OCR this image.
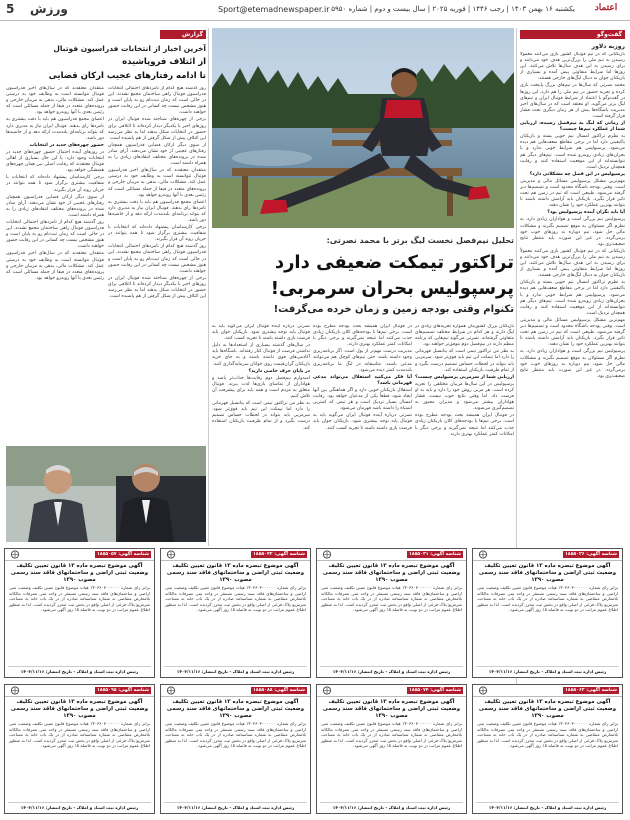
5 ورزش	Sport@etemadnewspaper.ir یکشنبه ۱۶ بهمن ۱۴۰۳ | رجب ۱۴۴۶ | فوریه ۲۰۲۵ | سال بیست و دوم | شماره ۵۹۵۰	اعتماد
گفت‌وگو
روزبه دلاور

بازیکنانی که در تیم فوتبال کشور بازی می‌کنند معمولاً رسیدن به تیم ملی را بزرگ‌ترین هدف خود می‌دانند و برای رسیدن به این هدف سال‌ها تلاش می‌کنند. این روزها اما شرایط متفاوتی پیش آمده و بسیاری از بازیکنان جوان به دنبال لیگ‌های خارجی هستند.

محمد نصرتی که سال‌ها در تیم‌های بزرگ پایتخت بازی کرده و تجربه حضور در تیم ملی را هم دارد، این روزها در گفت‌وگو با اعتماد از شرایط فوتبال ایران و تیم‌های لیگ برتر می‌گوید. او معتقد است که در سال‌های اخیر مدیریت باشگاه‌ها بیش از هر زمان دیگری تحت فشار قرار گرفته است.

از زمانی که لیگ به نیم‌فصل رسیده، ارزیابی شما از عملکرد تیم‌ها چیست؟

به نظرم تراکتور امسال تیم خوبی بسته و بازیکنان باکیفیتی دارد اما در برخی مقاطع ضعف‌هایی هم دیده می‌شود. پرسپولیس هم شرایط خوبی ندارد و با بحران‌های زیادی روبه‌رو شده است. تیم‌های دیگر هم نتوانسته‌اند از این موقعیت استفاده کنند و رقابت همچنان نزدیک است.

پرسپولیس در این فصل چه مشکلاتی دارد؟

مهم‌ترین مشکل پرسپولیس مسائل مالی و مدیریتی است. وقتی بودجه باشگاه محدود است و تصمیم‌ها دیر گرفته می‌شود، طبیعی است که تیم در زمین هم تحت تاثیر قرار بگیرد. بازیکنان باید آرامش داشته باشند تا بتوانند بهترین عملکرد خود را نشان دهند.

آیا باید نگران آینده پرسپولیس بود؟

پرسپولیس تیم بزرگی است و هواداران زیادی دارد. به نظرم اگر مسئولان به موقع تصمیم بگیرند و مشکلات مالی حل شود، تیم دوباره به روزهای خوب خود برمی‌گردد. در غیر این صورت باید منتظر نتایج ضعیف‌تری بود.

بازیکنانی که در تیم فوتبال کشور بازی می‌کنند معمولاً رسیدن به تیم ملی را بزرگ‌ترین هدف خود می‌دانند و برای رسیدن به این هدف سال‌ها تلاش می‌کنند. این روزها اما شرایط متفاوتی پیش آمده و بسیاری از بازیکنان جوان به دنبال لیگ‌های خارجی هستند.

به نظرم تراکتور امسال تیم خوبی بسته و بازیکنان باکیفیتی دارد اما در برخی مقاطع ضعف‌هایی هم دیده می‌شود. پرسپولیس هم شرایط خوبی ندارد و با بحران‌های زیادی روبه‌رو شده است. تیم‌های دیگر هم نتوانسته‌اند از این موقعیت استفاده کنند و رقابت همچنان نزدیک است.

مهم‌ترین مشکل پرسپولیس مسائل مالی و مدیریتی است. وقتی بودجه باشگاه محدود است و تصمیم‌ها دیر گرفته می‌شود، طبیعی است که تیم در زمین هم تحت تاثیر قرار بگیرد. بازیکنان باید آرامش داشته باشند تا بتوانند بهترین عملکرد خود را نشان دهند.

پرسپولیس تیم بزرگی است و هواداران زیادی دارد. به نظرم اگر مسئولان به موقع تصمیم بگیرند و مشکلات مالی حل شود، تیم دوباره به روزهای خوب خود برمی‌گردد. در غیر این صورت باید منتظر نتایج ضعیف‌تری بود.

تحلیل نیم‌فصل نخست لیگ برتر با محمد نصرتی:
تراکتور تیمکت ضعیفی دارد
پرسپولیس بحران سرمربی!
تکنوام وقتی بودجه زمین و زمان خرده می‌گرفت!

بازیکنان بزرگ کشورمان همواره تجربه‌های زیادی در لیگ دارند و هر کدام در شرایط مختلف تصمیم‌های متفاوتی گرفته‌اند. نصرتی می‌گوید تیم‌هایی که برنامه منظم دارند در نیم‌فصل دوم موفق‌تر خواهند بود.

به نظر من تراکتور تیمی است که پتانسیل قهرمانی را دارد اما نیمکت این تیم باید قوی‌تر شود. سرمربی باید بتواند در لحظات حساس تصمیم درست بگیرد و از تمام ظرفیت بازیکنان استفاده کند.

ارزیابی شما از سرمربی پرسپولیس چیست؟

پرسپولیس در این سال‌ها مربیان مختلفی را تجربه کرده است. هر مربی روش خود را دارد و باید به او فرصت داد. اما وقتی نتایج خوب نیست، فشار هواداران بیشتر می‌شود و مدیران مجبور به تصمیم‌گیری می‌شوند.

در فوتبال ایران همیشه بحث بودجه مطرح بوده است. برخی تیم‌ها با بودجه‌های کلان بازیکنان زیادی جذب می‌کنند اما نتیجه نمی‌گیرند و برخی دیگر با امکانات کمتر عملکرد بهتری دارند.

در فوتبال ایران همیشه بحث بودجه مطرح بوده است. برخی تیم‌ها با بودجه‌های کلان بازیکنان زیادی جذب می‌کنند اما نتیجه نمی‌گیرند و برخی دیگر با امکانات کمتر عملکرد بهتری دارند.

مدیریت درست مهم‌تر از پول است. اگر برنامه‌ریزی وجود داشته باشد، حتی تیم‌های کوچک هم می‌توانند مدعی باشند. متاسفانه در لیگ ما برنامه‌ریزی بلندمدت کمتر دیده می‌شود.

آیا فکر می‌کنید استقلال می‌تواند مدعی قهرمانی باشد؟

استقلال بازیکنان خوبی دارد و اگر هماهنگی بین آنها ایجاد شود، قطعاً یکی از مدعیان خواهد بود. رقابت امسال بسیار نزدیک است و هر تیمی که کمترین اشتباه را داشته باشد قهرمان می‌شود.

نصرتی درباره آینده فوتبال ایران می‌گوید باید به فوتبال پایه توجه بیشتری شود. بازیکنان جوان باید فرصت بازی داشته باشند تا تجربه کسب کنند.

نصرتی درباره آینده فوتبال ایران می‌گوید باید به فوتبال پایه توجه بیشتری شود. بازیکنان جوان باید فرصت بازی داشته باشند تا تجربه کسب کنند.

در سال‌های گذشته بسیاری از استعدادها به دلیل نداشتن فرصت از فوتبال کنار رفته‌اند. باشگاه‌ها باید آکادمی‌های قوی داشته باشند و به جای خرید بازیکنان گران‌قیمت روی جوانان سرمایه‌گذاری کنند.

در پایان حرف خاصی دارید؟

امیدوارم نیم‌فصل دوم رقابت‌ها جذاب‌تر باشد و هواداران از تماشای بازی‌ها لذت ببرند. فوتبال متعلق به مردم است و همه باید برای پیشرفت آن تلاش کنیم.

به نظر من تراکتور تیمی است که پتانسیل قهرمانی را دارد اما نیمکت این تیم باید قوی‌تر شود. سرمربی باید بتواند در لحظات حساس تصمیم درست بگیرد و از تمام ظرفیت بازیکنان استفاده کند.

گزارش
آخرین اخبار از انتخابات فدراسیون فوتبال
از ائتلاف فروپاشیده
تا ادامه رفتارهای عجیب ارکان قضایی

روز گذشته هیچ کدام از نامزدهای احتمالی انتخابات فدراسیون فوتبال راهی ساختمان مجمع نشدند. این در حالی است که زمان ثبت‌نام رو به پایان است و هنوز مشخص نیست چه کسانی در این رقابت حضور خواهند داشت.

برخی از چهره‌های شناخته شده فوتبال ایران در روزهای اخیر با یکدیگر دیدار کرده‌اند تا ائتلافی برای حضور در انتخابات شکل بدهند اما به نظر می‌رسد این ائتلاف پیش از شکل گرفتن از هم پاشیده است.

از سوی دیگر ارکان قضایی فدراسیون همچنان رفتارهای عجیبی از خود نشان می‌دهند. آرای صادر شده در پرونده‌های مختلف انتقادهای زیادی را به همراه داشته است.

منتقدان معتقدند که در سال‌های اخیر فدراسیون فوتبال نتوانسته است به وظایف خود به درستی عمل کند. مشکلات مالی، بدهی به مربیان خارجی و پرونده‌های متعدد در فیفا از جمله مسائلی است که رئیس بعدی با آنها روبه‌رو خواهد بود.

اعضای مجمع فدراسیون هم باید با دقت بیشتری به نامزدها رای بدهند. فوتبال ایران نیاز به مدیری دارد که بتواند برنامه‌ای بلندمدت ارائه دهد و از حاشیه‌ها دور باشد.

برخی کارشناسان پیشنهاد داده‌اند که انتخابات با شفافیت بیشتری برگزار شود تا همه بتوانند در جریان روند آن قرار بگیرند.

روز گذشته هیچ کدام از نامزدهای احتمالی انتخابات فدراسیون فوتبال راهی ساختمان مجمع نشدند. این در حالی است که زمان ثبت‌نام رو به پایان است و هنوز مشخص نیست چه کسانی در این رقابت حضور خواهند داشت.

برخی از چهره‌های شناخته شده فوتبال ایران در روزهای اخیر با یکدیگر دیدار کرده‌اند تا ائتلافی برای حضور در انتخابات شکل بدهند اما به نظر می‌رسد این ائتلاف پیش از شکل گرفتن از هم پاشیده است.

منتقدان معتقدند که در سال‌های اخیر فدراسیون فوتبال نتوانسته است به وظایف خود به درستی عمل کند. مشکلات مالی، بدهی به مربیان خارجی و پرونده‌های متعدد در فیفا از جمله مسائلی است که رئیس بعدی با آنها روبه‌رو خواهد بود.

اعضای مجمع فدراسیون هم باید با دقت بیشتری به نامزدها رای بدهند. فوتبال ایران نیاز به مدیری دارد که بتواند برنامه‌ای بلندمدت ارائه دهد و از حاشیه‌ها دور باشد.

حضور چهره‌های جدید در انتخابات

در روزهای آینده احتمال حضور چهره‌های جدید در انتخابات وجود دارد. با این حال بسیاری از اهالی فوتبال معتقدند که رقابت اصلی بین همان چهره‌های همیشگی خواهد بود.

برخی کارشناسان پیشنهاد داده‌اند که انتخابات با شفافیت بیشتری برگزار شود تا همه بتوانند در جریان روند آن قرار بگیرند.

از سوی دیگر ارکان قضایی فدراسیون همچنان رفتارهای عجیبی از خود نشان می‌دهند. آرای صادر شده در پرونده‌های مختلف انتقادهای زیادی را به همراه داشته است.

روز گذشته هیچ کدام از نامزدهای احتمالی انتخابات فدراسیون فوتبال راهی ساختمان مجمع نشدند. این در حالی است که زمان ثبت‌نام رو به پایان است و هنوز مشخص نیست چه کسانی در این رقابت حضور خواهند داشت.

منتقدان معتقدند که در سال‌های اخیر فدراسیون فوتبال نتوانسته است به وظایف خود به درستی عمل کند. مشکلات مالی، بدهی به مربیان خارجی و پرونده‌های متعدد در فیفا از جمله مسائلی است که رئیس بعدی با آنها روبه‌رو خواهد بود.

شناسه آگهی: ۱۸۵۵۰۲۶
آگهی موضوع تبصره ماده ۱۳ قانون تعیین تکلیف وضعیت ثبتی اراضی و ساختمانهای فاقد سند رسمی مصوب ۱۳۹۰
برابر رای شماره ۱۴۰۳۶۰۳۰۰۰۰۰۰ هیات موضوع قانون تعیین تکلیف وضعیت ثبتی اراضی و ساختمان‌های فاقد سند رسمی مستقر در واحد ثبتی تصرفات مالکانه بلامعارض متقاضی به شماره شناسنامه صادره از در یک باب خانه به مساحت مترمربع پلاک فرعی از اصلی واقع در بخش ثبت محرز گردیده است. لذا به منظور اطلاع عموم مراتب در دو نوبت به فاصله ۱۵ روز آگهی می‌شود.
رئیس اداره ثبت اسناد و املاک - تاریخ انتشار: ۱۴۰۳/۱۱/۱۶
شناسه آگهی: ۱۸۵۵۰۳۱
آگهی موضوع تبصره ماده ۱۳ قانون تعیین تکلیف وضعیت ثبتی اراضی و ساختمانهای فاقد سند رسمی مصوب ۱۳۹۰
برابر رای شماره ۱۴۰۳۶۰۳۰۰۰۰۰۰ هیات موضوع قانون تعیین تکلیف وضعیت ثبتی اراضی و ساختمان‌های فاقد سند رسمی مستقر در واحد ثبتی تصرفات مالکانه بلامعارض متقاضی به شماره شناسنامه صادره از در یک باب خانه به مساحت مترمربع پلاک فرعی از اصلی واقع در بخش ثبت محرز گردیده است. لذا به منظور اطلاع عموم مراتب در دو نوبت به فاصله ۱۵ روز آگهی می‌شود.
رئیس اداره ثبت اسناد و املاک - تاریخ انتشار: ۱۴۰۳/۱۱/۱۶
شناسه آگهی: ۱۸۵۵۰۴۲
آگهی موضوع تبصره ماده ۱۳ قانون تعیین تکلیف وضعیت ثبتی اراضی و ساختمانهای فاقد سند رسمی مصوب ۱۳۹۰
برابر رای شماره ۱۴۰۳۶۰۳۰۰۰۰۰۰ هیات موضوع قانون تعیین تکلیف وضعیت ثبتی اراضی و ساختمان‌های فاقد سند رسمی مستقر در واحد ثبتی تصرفات مالکانه بلامعارض متقاضی به شماره شناسنامه صادره از در یک باب خانه به مساحت مترمربع پلاک فرعی از اصلی واقع در بخش ثبت محرز گردیده است. لذا به منظور اطلاع عموم مراتب در دو نوبت به فاصله ۱۵ روز آگهی می‌شود.
رئیس اداره ثبت اسناد و املاک - تاریخ انتشار: ۱۴۰۳/۱۱/۱۶
شناسه آگهی: ۱۸۵۵۰۵۷
آگهی موضوع تبصره ماده ۱۳ قانون تعیین تکلیف وضعیت ثبتی اراضی و ساختمانهای فاقد سند رسمی مصوب ۱۳۹۰
برابر رای شماره ۱۴۰۳۶۰۳۰۰۰۰۰۰ هیات موضوع قانون تعیین تکلیف وضعیت ثبتی اراضی و ساختمان‌های فاقد سند رسمی مستقر در واحد ثبتی تصرفات مالکانه بلامعارض متقاضی به شماره شناسنامه صادره از در یک باب خانه به مساحت مترمربع پلاک فرعی از اصلی واقع در بخش ثبت محرز گردیده است. لذا به منظور اطلاع عموم مراتب در دو نوبت به فاصله ۱۵ روز آگهی می‌شود.
رئیس اداره ثبت اسناد و املاک - تاریخ انتشار: ۱۴۰۳/۱۱/۱۶
شناسه آگهی: ۱۸۵۵۰۶۳
آگهی موضوع تبصره ماده ۱۳ قانون تعیین تکلیف وضعیت ثبتی اراضی و ساختمانهای فاقد سند رسمی مصوب ۱۳۹۰
برابر رای شماره ۱۴۰۳۶۰۳۰۰۰۰۰۰ هیات موضوع قانون تعیین تکلیف وضعیت ثبتی اراضی و ساختمان‌های فاقد سند رسمی مستقر در واحد ثبتی تصرفات مالکانه بلامعارض متقاضی به شماره شناسنامه صادره از در یک باب خانه به مساحت مترمربع پلاک فرعی از اصلی واقع در بخش ثبت محرز گردیده است. لذا به منظور اطلاع عموم مراتب در دو نوبت به فاصله ۱۵ روز آگهی می‌شود.
رئیس اداره ثبت اسناد و املاک - تاریخ انتشار: ۱۴۰۳/۱۱/۱۶
شناسه آگهی: ۱۸۵۵۰۷۴
آگهی موضوع تبصره ماده ۱۳ قانون تعیین تکلیف وضعیت ثبتی اراضی و ساختمانهای فاقد سند رسمی مصوب ۱۳۹۰
برابر رای شماره ۱۴۰۳۶۰۳۰۰۰۰۰۰ هیات موضوع قانون تعیین تکلیف وضعیت ثبتی اراضی و ساختمان‌های فاقد سند رسمی مستقر در واحد ثبتی تصرفات مالکانه بلامعارض متقاضی به شماره شناسنامه صادره از در یک باب خانه به مساحت مترمربع پلاک فرعی از اصلی واقع در بخش ثبت محرز گردیده است. لذا به منظور اطلاع عموم مراتب در دو نوبت به فاصله ۱۵ روز آگهی می‌شود.
رئیس اداره ثبت اسناد و املاک - تاریخ انتشار: ۱۴۰۳/۱۱/۱۶
شناسه آگهی: ۱۸۵۵۰۸۸
آگهی موضوع تبصره ماده ۱۳ قانون تعیین تکلیف وضعیت ثبتی اراضی و ساختمانهای فاقد سند رسمی مصوب ۱۳۹۰
برابر رای شماره ۱۴۰۳۶۰۳۰۰۰۰۰۰ هیات موضوع قانون تعیین تکلیف وضعیت ثبتی اراضی و ساختمان‌های فاقد سند رسمی مستقر در واحد ثبتی تصرفات مالکانه بلامعارض متقاضی به شماره شناسنامه صادره از در یک باب خانه به مساحت مترمربع پلاک فرعی از اصلی واقع در بخش ثبت محرز گردیده است. لذا به منظور اطلاع عموم مراتب در دو نوبت به فاصله ۱۵ روز آگهی می‌شود.
رئیس اداره ثبت اسناد و املاک - تاریخ انتشار: ۱۴۰۳/۱۱/۱۶
شناسه آگهی: ۱۸۵۵۰۹۵
آگهی موضوع تبصره ماده ۱۳ قانون تعیین تکلیف وضعیت ثبتی اراضی و ساختمانهای فاقد سند رسمی مصوب ۱۳۹۰
برابر رای شماره ۱۴۰۳۶۰۳۰۰۰۰۰۰ هیات موضوع قانون تعیین تکلیف وضعیت ثبتی اراضی و ساختمان‌های فاقد سند رسمی مستقر در واحد ثبتی تصرفات مالکانه بلامعارض متقاضی به شماره شناسنامه صادره از در یک باب خانه به مساحت مترمربع پلاک فرعی از اصلی واقع در بخش ثبت محرز گردیده است. لذا به منظور اطلاع عموم مراتب در دو نوبت به فاصله ۱۵ روز آگهی می‌شود.
رئیس اداره ثبت اسناد و املاک - تاریخ انتشار: ۱۴۰۳/۱۱/۱۶
